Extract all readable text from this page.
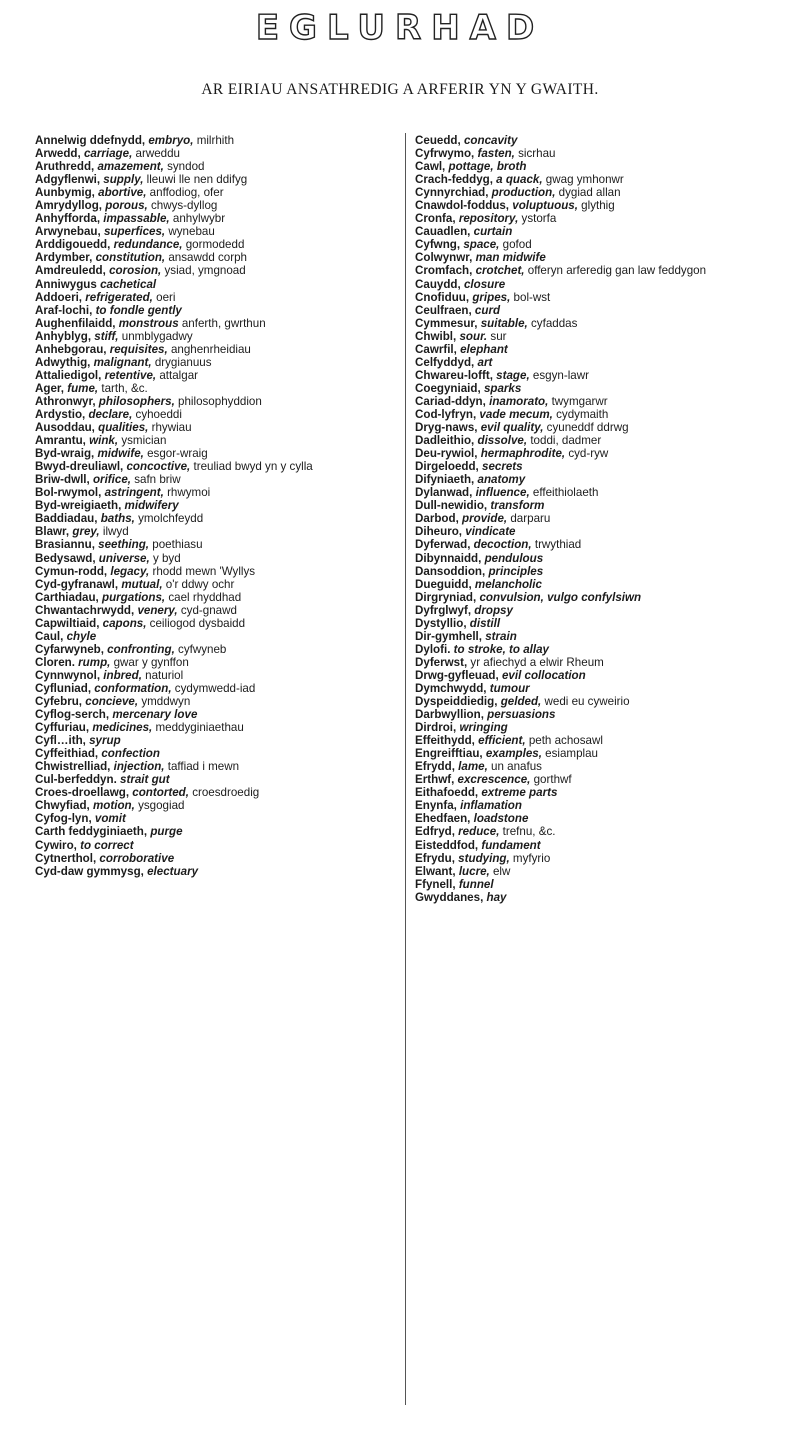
EGLURHAD
AR EIRIAU ANSATHREDIG A ARFERIR YN Y GWAITH.

Annelwig ddefnydd, embryo, milrhith

Arwedd, carriage, arweddu

Aruthredd, amazement, syndod

Adgyflenwi, supply, lleuwi lle nen ddifyg

Aunbymig, abortive, anffodiog, ofer

Amrydyllog, porous, chwys-dyllog

Anhyfforda, impassable, anhylwybr

Arwynebau, superfices, wynebau

Arddigouedd, redundance, gormodedd

Ardymber, constitution, ansawdd corph

Amdreuledd, corosion, ysiad, ymgnoad

Anniwygus cachetical

Addoeri, refrigerated, oeri

Araf-lochi, to fondle gently

Aughenfilaidd, monstrous anferth, gwrthun

Anhyblyg, stiff, unmblygadwy

Anhebgorau, requisites, anghenrheidiau

Adwythig, malignant, drygianuus

Attaliedigol, retentive, attalgar

Ager, fume, tarth, &c.

Athronwyr, philosophers, philosophyddion

Ardystio, declare, cyhoeddi

Ausoddau, qualities, rhywiau

Amrantu, wink, ysmician

Byd-wraig, midwife, esgor-wraig

Bwyd-dreuliawl, concoctive, treuliad bwyd yn y cylla

Briw-dwll, orifice, safn briw

Bol-rwymol, astringent, rhwymoi

Byd-wreigiaeth, midwifery

Baddiadau, baths, ymolchfeydd

Blawr, grey, ilwyd

Brasiannu, seething, poethiasu

Bedysawd, universe, y byd

Cymun-rodd, legacy, rhodd mewn 'Wyllys

Cyd-gyfranawl, mutual, o'r ddwy ochr

Carthiadau, purgations, cael rhyddhad

Chwantachrwydd, venery, cyd-gnawd

Capwiltiaid, capons, ceiliogod dysbaidd

Caul, chyle

Cyfarwyneb, confronting, cyfwyneb

Cloren. rump, gwar y gynffon

Cynnwynol, inbred, naturiol

Cyfluniad, conformation, cydymwedd-iad

Cyfebru, concieve, ymddwyn

Cyflog-serch, mercenary love

Cyffuriau, medicines, meddyginiaethau

Cyfl…ith, syrup

Cyffeithiad, confection

Chwistrelliad, injection, taffiad i mewn

Cul-berfeddyn. strait gut

Croes-droellawg, contorted, croesdroedig

Chwyfiad, motion, ysgogiad

Cyfog-lyn, vomit

Carth feddyginiaeth, purge

Cywiro, to correct

Cytnerthol, corroborative

Cyd-daw gymmysg, electuary

Ceuedd, concavity

Cyfrwymo, fasten, sicrhau

Cawl, pottage, broth

Crach-feddyg, a quack, gwag ymhonwr

Cynnyrchiad, production, dygiad allan

Cnawdol-foddus, voluptuous, glythig

Cronfa, repository, ystorfa

Cauadlen, curtain

Cyfwng, space, gofod

Colwynwr, man midwife

Cromfach, crotchet, offeryn arferedig gan law feddygon

Cauydd, closure

Cnofiduu, gripes, bol-wst

Ceulfraen, curd

Cymmesur, suitable, cyfaddas

Chwibl, sour. sur

Cawrfil, elephant

Celfyddyd, art

Chwareu-lofft, stage, esgyn-lawr

Coegyniaid, sparks

Cariad-ddyn, inamorato, twymgarwr

Cod-lyfryn, vade mecum, cydymaith

Dryg-naws, evil quality, cyuneddf ddrwg

Dadleithio, dissolve, toddi, dadmer

Deu-rywiol, hermaphrodite, cyd-ryw

Dirgeloedd, secrets

Difyniaeth, anatomy

Dylanwad, influence, effeithiolaeth

Dull-newidio, transform

Darbod, provide, darparu

Diheuro, vindicate

Dyferwad, decoction, trwythiad

Dibynnaidd, pendulous

Dansoddion, principles

Dueguidd, melancholic

Dirgryniad, convulsion, vulgo confylsiwn

Dyfrglwyf, dropsy

Dystyllio, distill

Dir-gymhell, strain

Dylofi. to stroke, to allay

Dyferwst, yr afiechyd a elwir Rheum

Drwg-gyfleuad, evil collocation

Dymchwydd, tumour

Dyspeiddiedig, gelded, wedi eu cyweirio

Darbwyllion, persuasions

Dirdroi, wringing

Effeithydd, efficient, peth achosawl

Engreifftiau, examples, esiamplau

Efrydd, lame, un anafus

Erthwf, excrescence, gorthwf

Eithafoedd, extreme parts

Enynfa, inflamation

Ehedfaen, loadstone

Edfryd, reduce, trefnu, &c.

Eisteddfod, fundament

Efrydu, studying, myfyrio

Elwant, lucre, elw

Ffynell, funnel

Gwyddanes, hay
